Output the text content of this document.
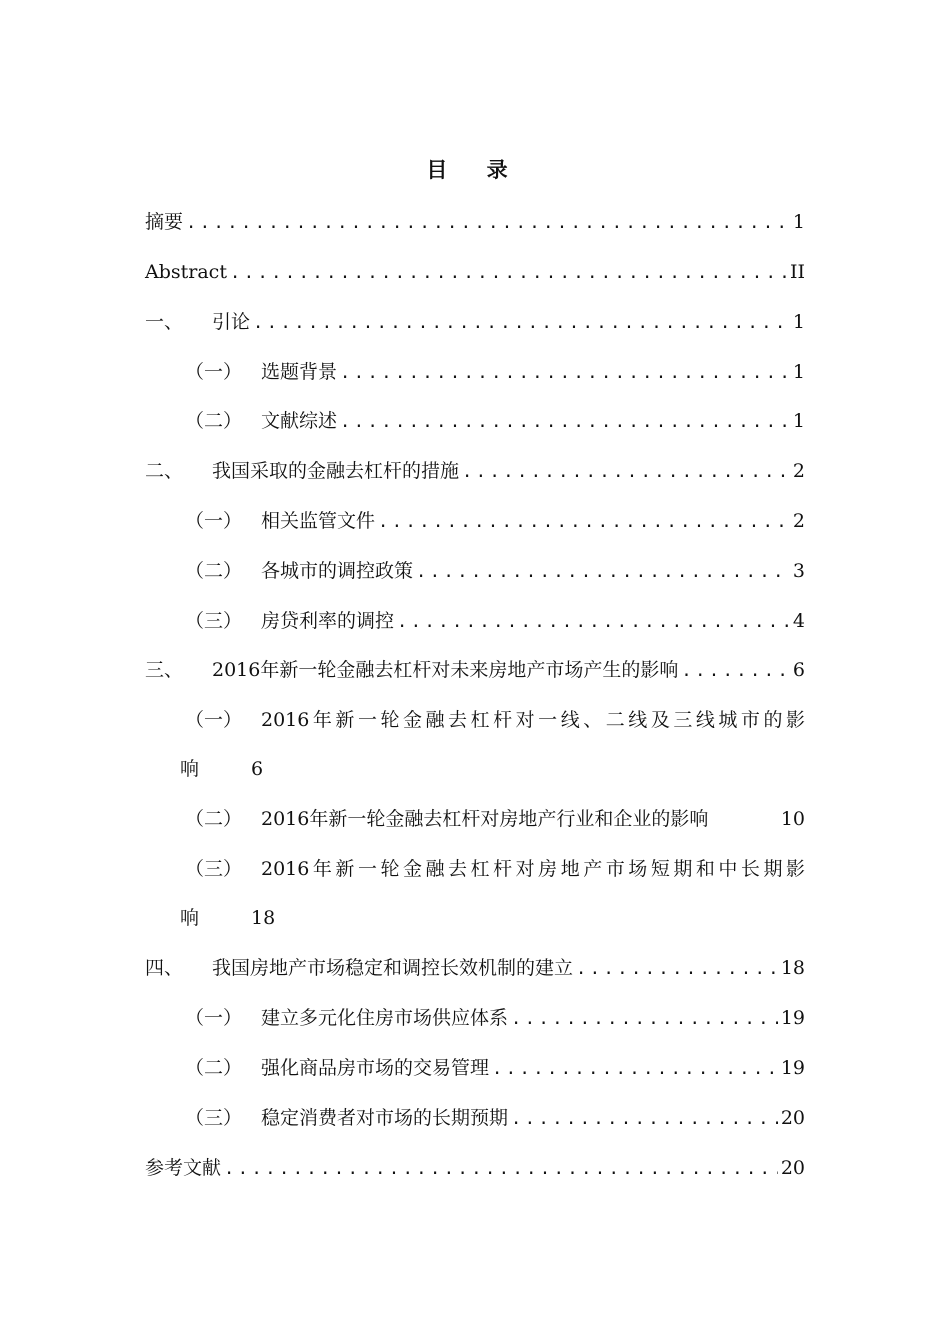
目 录
摘要 .....	1
Abstract .....	II
一、	引论 .....	1
（一） 选题背景 .....	1
（二） 文献综述 .....	1
二、	我国采取的金融去杠杆的措施 .....	2
（一） 相关监管文件 .....	2
（二） 各城市的调控政策 .....	3
（三） 房贷利率的调控 .....	4
三、	2016年新一轮金融去杠杆对未来房地产市场产生的影响 .....	6
（一） 2016年新一轮金融去杠杆对一线、二线及三线城市的影
响	6
（二） 2016年新一轮金融去杠杆对房地产行业和企业的影响	10
（三） 2016年新一轮金融去杠杆对房地产市场短期和中长期影
响	18
四、	我国房地产市场稳定和调控长效机制的建立 .....	18
（一） 建立多元化住房市场供应体系 .....	19
（二） 强化商品房市场的交易管理 .....	19
（三） 稳定消费者对市场的长期预期 .....	20
参考文献 .....	20
